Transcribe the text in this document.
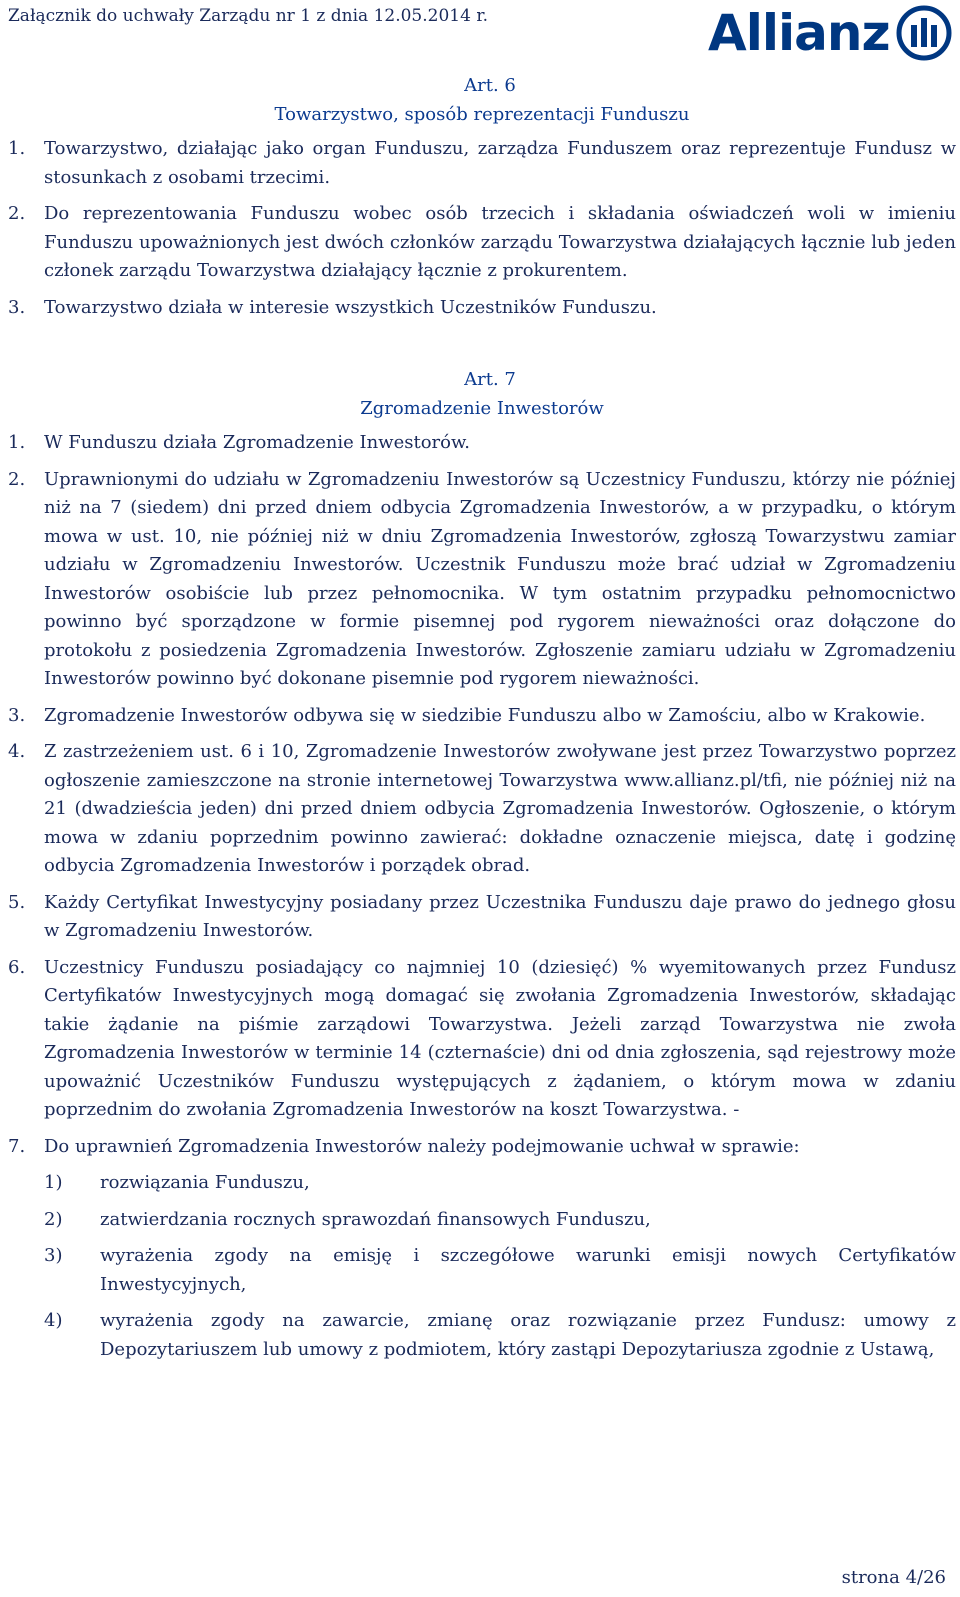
Załącznik do uchwały Zarządu nr 1 z dnia 12.05.2014 r.	Allianz

Art. 6

Towarzystwo, sposób reprezentacji Funduszu

1.	Towarzystwo, działając jako organ Funduszu, zarządza Funduszem oraz reprezentuje Fundusz w stosunkach z osobami trzecimi.
2.	Do reprezentowania Funduszu wobec osób trzecich i składania oświadczeń woli w imieniu Funduszu upoważnionych jest dwóch członków zarządu Towarzystwa działających łącznie lub jeden członek zarządu Towarzystwa działający łącznie z prokurentem.
3.	Towarzystwo działa w interesie wszystkich Uczestników Funduszu.

Art. 7

Zgromadzenie Inwestorów

1.	W Funduszu działa Zgromadzenie Inwestorów.
2.	Uprawnionymi do udziału w Zgromadzeniu Inwestorów są Uczestnicy Funduszu, którzy nie później niż na 7 (siedem) dni przed dniem odbycia Zgromadzenia Inwestorów, a w przypadku, o którym mowa w ust. 10, nie później niż w dniu Zgromadzenia Inwestorów, zgłoszą Towarzystwu zamiar udziału w Zgromadzeniu Inwestorów. Uczestnik Funduszu może brać udział w Zgromadzeniu Inwestorów osobiście lub przez pełnomocnika. W tym ostatnim przypadku pełnomocnictwo powinno być sporządzone w formie pisemnej pod rygorem nieważności oraz dołączone do protokołu z posiedzenia Zgromadzenia Inwestorów. Zgłoszenie zamiaru udziału w Zgromadzeniu Inwestorów powinno być dokonane pisemnie pod rygorem nieważności.
3.	Zgromadzenie Inwestorów odbywa się w siedzibie Funduszu albo w Zamościu, albo w Krakowie.
4.	Z zastrzeżeniem ust. 6 i 10, Zgromadzenie Inwestorów zwoływane jest przez Towarzystwo poprzez ogłoszenie zamieszczone na stronie internetowej Towarzystwa www.allianz.pl/tfi, nie później niż na 21 (dwadzieścia jeden) dni przed dniem odbycia Zgromadzenia Inwestorów. Ogłoszenie, o którym mowa w zdaniu poprzednim powinno zawierać: dokładne oznaczenie miejsca, datę i godzinę odbycia Zgromadzenia Inwestorów i porządek obrad.
5.	Każdy Certyfikat Inwestycyjny posiadany przez Uczestnika Funduszu daje prawo do jednego głosu w Zgromadzeniu Inwestorów.
6.	Uczestnicy Funduszu posiadający co najmniej 10 (dziesięć) % wyemitowanych przez Fundusz Certyfikatów Inwestycyjnych mogą domagać się zwołania Zgromadzenia Inwestorów, składając takie żądanie na piśmie zarządowi Towarzystwa. Jeżeli zarząd Towarzystwa nie zwoła Zgromadzenia Inwestorów w terminie 14 (czternaście) dni od dnia zgłoszenia, sąd rejestrowy może upoważnić Uczestników Funduszu występujących z żądaniem, o którym mowa w zdaniu poprzednim do zwołania Zgromadzenia Inwestorów na koszt Towarzystwa. -
7.	Do uprawnień Zgromadzenia Inwestorów należy podejmowanie uchwał w sprawie:
1)	rozwiązania Funduszu,
2)	zatwierdzania rocznych sprawozdań finansowych Funduszu,
3)	wyrażenia zgody na emisję i szczegółowe warunki emisji nowych Certyfikatów Inwestycyjnych,
4)	wyrażenia zgody na zawarcie, zmianę oraz rozwiązanie przez Fundusz: umowy z Depozytariuszem lub umowy z podmiotem, który zastąpi Depozytariusza zgodnie z Ustawą,
strona 4/26
